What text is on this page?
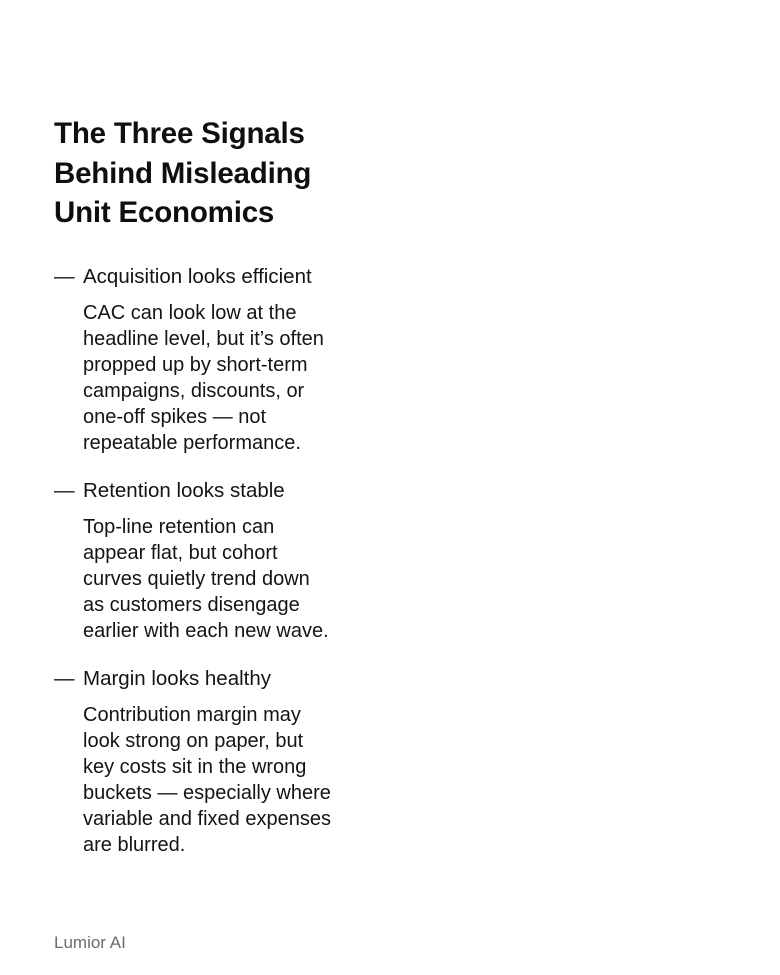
The Three Signals
Behind Misleading
Unit Economics
— Acquisition looks efficient
CAC can look low at the
headline level, but it’s often
propped up by short-term
campaigns, discounts, or
one-off spikes — not
repeatable performance.
— Retention looks stable
Top-line retention can
appear flat, but cohort
curves quietly trend down
as customers disengage
earlier with each new wave.
— Margin looks healthy
Contribution margin may
look strong on paper, but
key costs sit in the wrong
buckets — especially where
variable and fixed expenses
are blurred.
Lumior AI
